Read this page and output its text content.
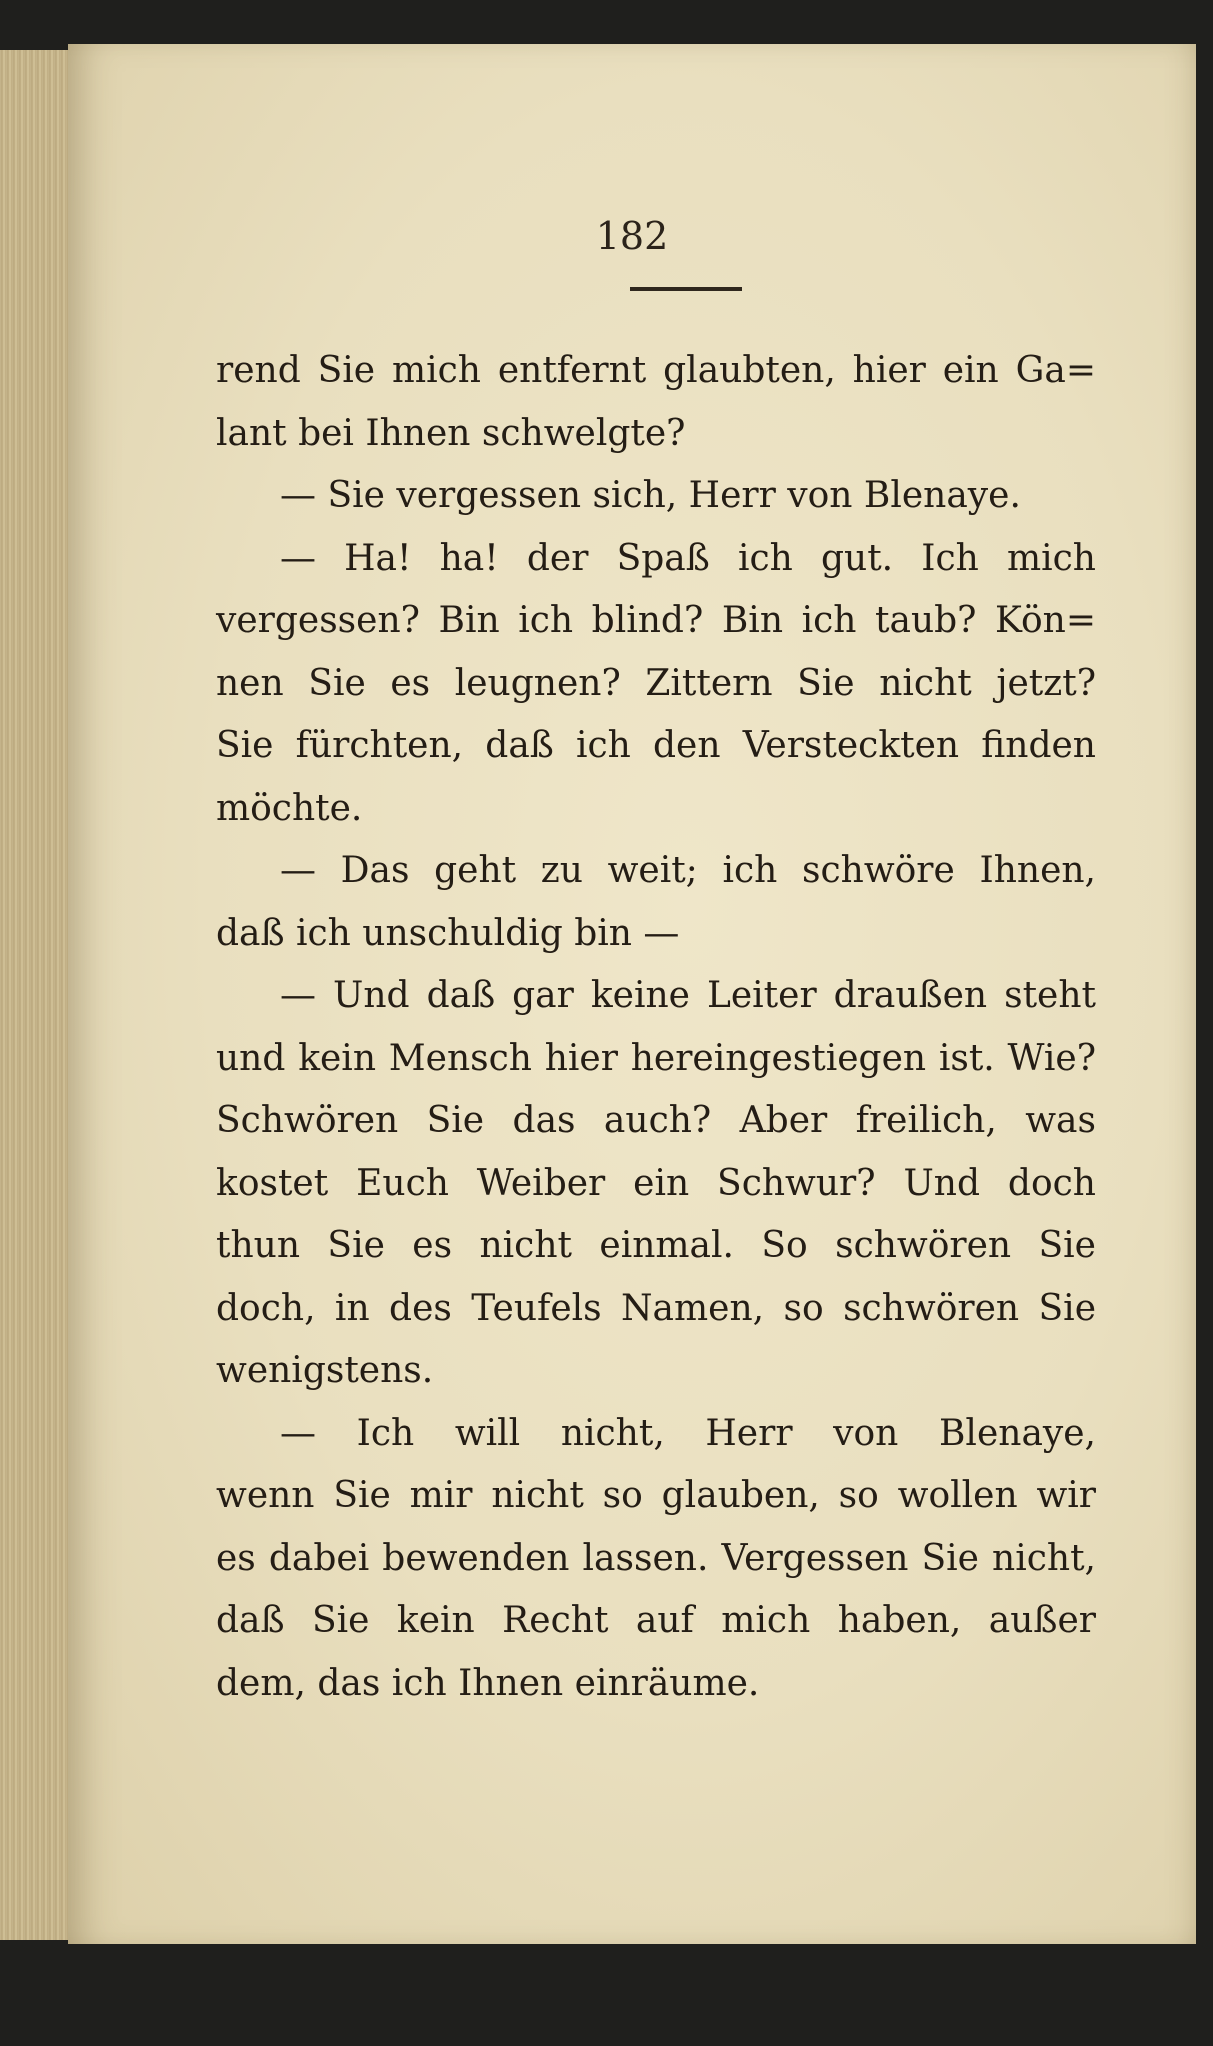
182
rend Sie mich entfernt glaubten, hier ein Ga=
lant bei Ihnen schwelgte?
— Sie vergessen sich, Herr von Blenaye.
— Ha! ha! der Spaß ich gut. Ich mich
vergessen? Bin ich blind? Bin ich taub? Kön=
nen Sie es leugnen? Zittern Sie nicht jetzt?
Sie fürchten, daß ich den Versteckten finden
möchte.
— Das geht zu weit; ich schwöre Ihnen,
daß ich unschuldig bin —
— Und daß gar keine Leiter draußen steht
und kein Mensch hier hereingestiegen ist. Wie?
Schwören Sie das auch? Aber freilich, was
kostet Euch Weiber ein Schwur? Und doch
thun Sie es nicht einmal. So schwören Sie
doch, in des Teufels Namen, so schwören Sie
wenigstens.
— Ich will nicht, Herr von Blenaye,
wenn Sie mir nicht so glauben, so wollen wir
es dabei bewenden lassen. Vergessen Sie nicht,
daß Sie kein Recht auf mich haben, außer
dem, das ich Ihnen einräume.
